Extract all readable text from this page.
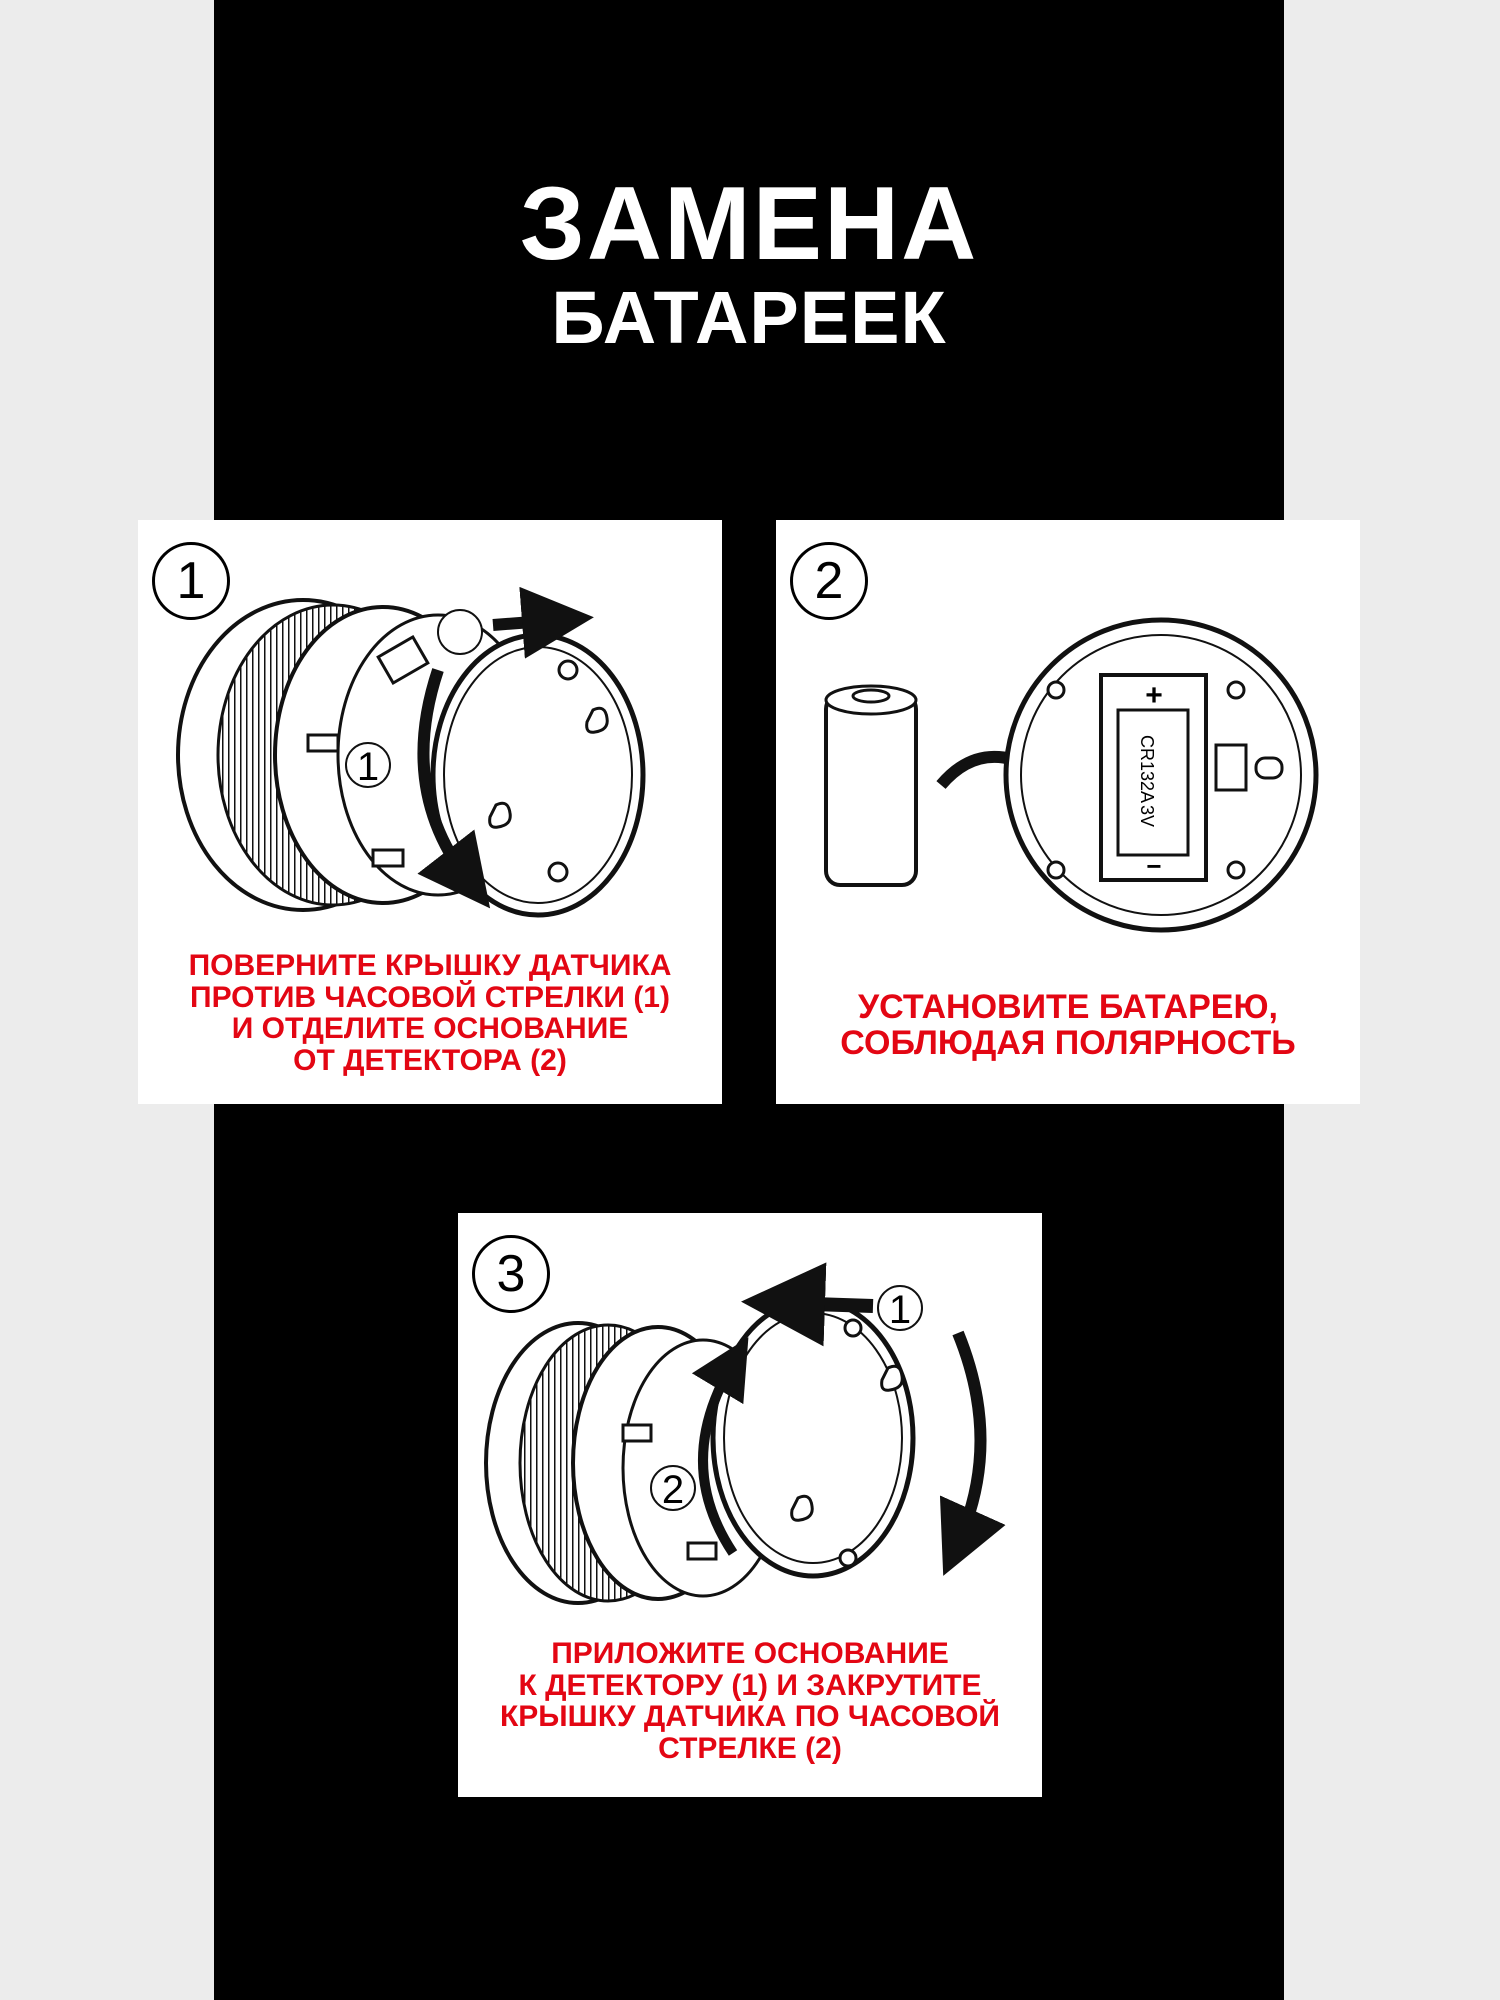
ЗАМЕНА
БАТАРЕЕК
1
1
ПОВЕРНИТЕ КРЫШКУ ДАТЧИКА
ПРОТИВ ЧАСОВОЙ СТРЕЛКИ (1)
И ОТДЕЛИТЕ ОСНОВАНИЕ
ОТ ДЕТЕКТОРА (2)
+
−
CR132A
3V
2
УСТАНОВИТЕ БАТАРЕЮ,
СОБЛЮДАЯ ПОЛЯРНОСТЬ
1
2
3
ПРИЛОЖИТЕ ОСНОВАНИЕ
К ДЕТЕКТОРУ (1) И ЗАКРУТИТЕ
КРЫШКУ ДАТЧИКА ПО ЧАСОВОЙ
СТРЕЛКЕ (2)
